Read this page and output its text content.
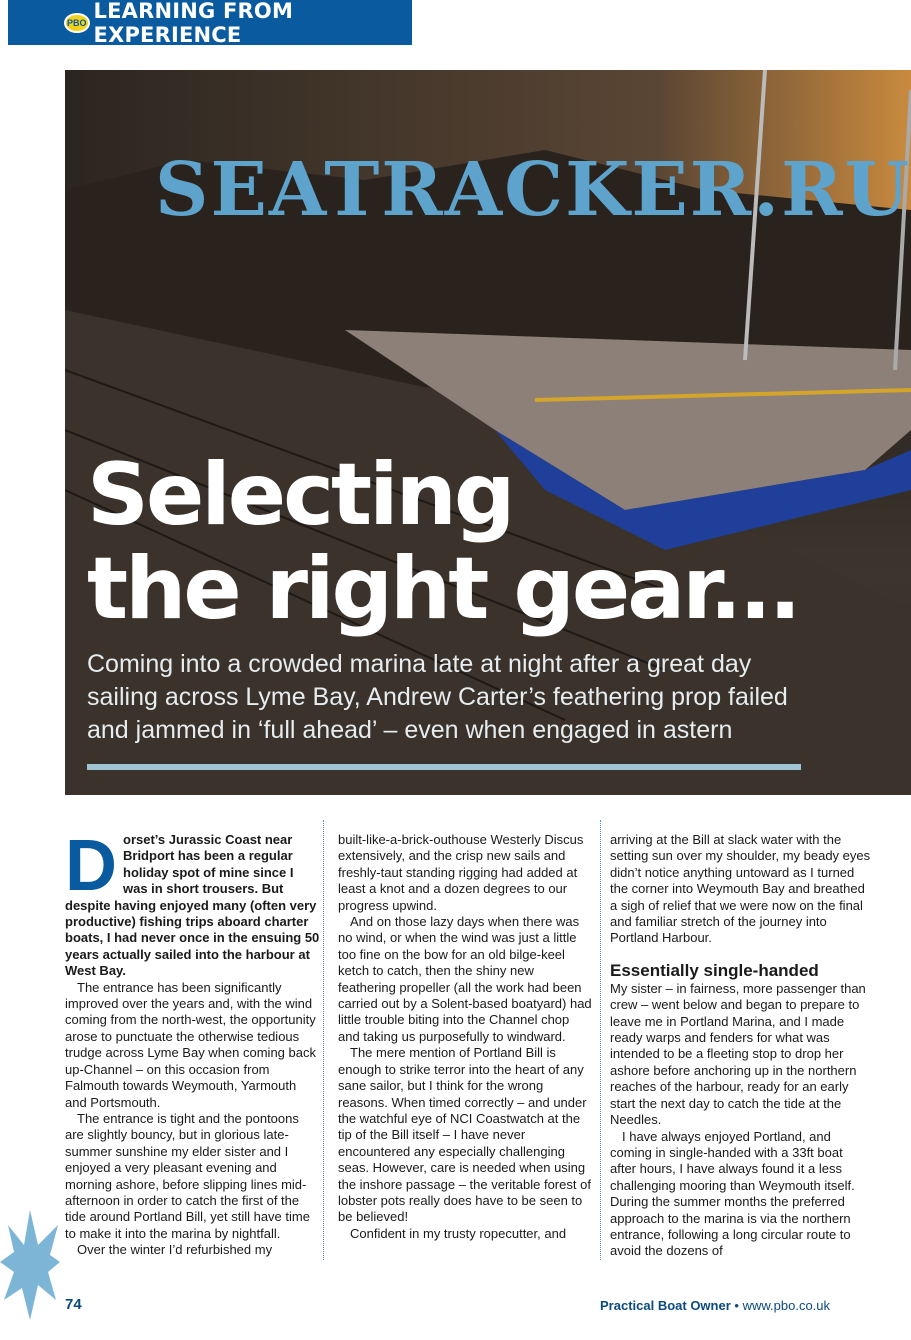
PBO LEARNING FROM EXPERIENCE
SEATRACKER.RU
Selecting
the right gear...
Coming into a crowded marina late at night after a great day sailing across Lyme Bay, Andrew Carter’s feathering prop failed and jammed in ‘full ahead’ – even when engaged in astern

Dorset’s Jurassic Coast near Bridport has been a regular holiday spot of mine since I was in short trousers. But despite having enjoyed many (often very productive) fishing trips aboard charter boats, I had never once in the ensuing 50 years actually sailed into the harbour at West Bay.

The entrance has been significantly improved over the years and, with the wind coming from the north-west, the opportunity arose to punctuate the otherwise tedious trudge across Lyme Bay when coming back up-Channel – on this occasion from Falmouth towards Weymouth, Yarmouth and Portsmouth.

The entrance is tight and the pontoons are slightly bouncy, but in glorious late-summer sunshine my elder sister and I enjoyed a very pleasant evening and morning ashore, before slipping lines mid-afternoon in order to catch the first of the tide around Portland Bill, yet still have time to make it into the marina by nightfall.

Over the winter I’d refurbished my

built-like-a-brick-outhouse Westerly Discus extensively, and the crisp new sails and freshly-taut standing rigging had added at least a knot and a dozen degrees to our progress upwind.

And on those lazy days when there was no wind, or when the wind was just a little too fine on the bow for an old bilge-keel ketch to catch, then the shiny new feathering propeller (all the work had been carried out by a Solent-based boatyard) had little trouble biting into the Channel chop and taking us purposefully to windward.

The mere mention of Portland Bill is enough to strike terror into the heart of any sane sailor, but I think for the wrong reasons. When timed correctly – and under the watchful eye of NCI Coastwatch at the tip of the Bill itself – I have never encountered any especially challenging seas. However, care is needed when using the inshore passage – the veritable forest of lobster pots really does have to be seen to be believed!

Confident in my trusty ropecutter, and

arriving at the Bill at slack water with the setting sun over my shoulder, my beady eyes didn’t notice anything untoward as I turned the corner into Weymouth Bay and breathed a sigh of relief that we were now on the final and familiar stretch of the journey into Portland Harbour.

Essentially single-handed

My sister – in fairness, more passenger than crew – went below and began to prepare to leave me in Portland Marina, and I made ready warps and fenders for what was intended to be a fleeting stop to drop her ashore before anchoring up in the northern reaches of the harbour, ready for an early start the next day to catch the tide at the Needles.

I have always enjoyed Portland, and coming in single-handed with a 33ft boat after hours, I have always found it a less challenging mooring than Weymouth itself. During the summer months the preferred approach to the marina is via the northern entrance, following a long circular route to avoid the dozens of

74	Practical Boat Owner • www.pbo.co.uk
